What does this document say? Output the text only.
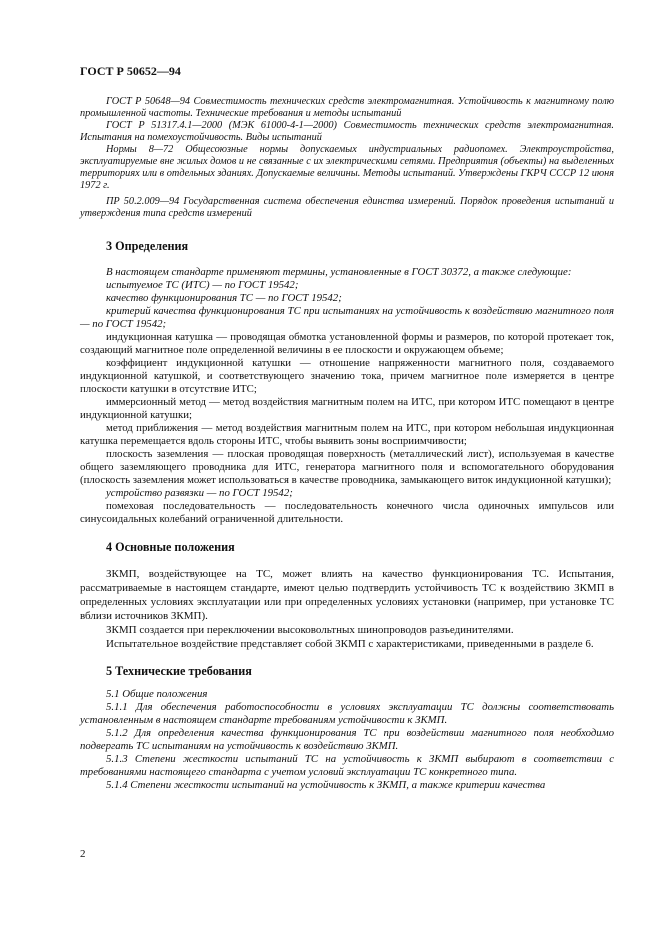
ГОСТ Р 50652—94

ГОСТ Р 50648—94 Совместимость технических средств электромагнитная. Устойчивость к магнитному полю промышленной частоты. Технические требования и методы испытаний

ГОСТ Р 51317.4.1—2000 (МЭК 61000-4-1—2000) Совместимость технических средств электромагнитная. Испытания на помехоустойчивость. Виды испытаний

Нормы 8—72 Общесоюзные нормы допускаемых индустриальных радиопомех. Электроустройства, эксплуатируемые вне жилых домов и не связанные с их электрическими сетями. Предприятия (объекты) на выделенных территориях или в отдельных зданиях. Допускаемые величины. Методы испытаний. Утверждены ГКРЧ СССР 12 июня 1972 г.

ПР 50.2.009—94 Государственная система обеспечения единства измерений. Порядок проведения испытаний и утверждения типа средств измерений

3 Определения

В настоящем стандарте применяют термины, установленные в ГОСТ 30372, а также следующие:

испытуемое ТС (ИТС) — по ГОСТ 19542;

качество функционирования ТС — по ГОСТ 19542;

критерий качества функционирования ТС при испытаниях на устойчивость к воздействию магнитного поля — по ГОСТ 19542;

индукционная катушка — проводящая обмотка установленной формы и размеров, по которой протекает ток, создающий магнитное поле определенной величины в ее плоскости и окружающем объеме;

коэффициент индукционной катушки — отношение напряженности магнитного поля, создаваемого индукционной катушкой, и соответствующего значению тока, причем магнитное поле измеряется в центре плоскости катушки в отсутствие ИТС;

иммерсионный метод — метод воздействия магнитным полем на ИТС, при котором ИТС помещают в центре индукционной катушки;

метод приближения — метод воздействия магнитным полем на ИТС, при котором небольшая индукционная катушка перемещается вдоль стороны ИТС, чтобы выявить зоны восприимчивости;

плоскость заземления — плоская проводящая поверхность (металлический лист), используемая в качестве общего заземляющего проводника для ИТС, генератора магнитного поля и вспомогательного оборудования (плоскость заземления может использоваться в качестве проводника, замыкающего виток индукционной катушки);

устройство развязки — по ГОСТ 19542;

помеховая последовательность — последовательность конечного числа одиночных импульсов или синусоидальных колебаний ограниченной длительности.

4 Основные положения

ЗКМП, воздействующее на ТС, может влиять на качество функционирования ТС. Испытания, рассматриваемые в настоящем стандарте, имеют целью подтвердить устойчивость ТС к воздействию ЗКМП в определенных условиях эксплуатации или при определенных условиях установки (например, при установке ТС вблизи источников ЗКМП).

ЗКМП создается при переключении высоковольтных шинопроводов разъединителями.

Испытательное воздействие представляет собой ЗКМП с характеристиками, приведенными в разделе 6.

5 Технические требования

5.1 Общие положения

5.1.1 Для обеспечения работоспособности в условиях эксплуатации ТС должны соответствовать установленным в настоящем стандарте требованиям устойчивости к ЗКМП.

5.1.2 Для определения качества функционирования ТС при воздействии магнитного поля необходимо подвергать ТС испытаниям на устойчивость к воздействию ЗКМП.

5.1.3 Степени жесткости испытаний ТС на устойчивость к ЗКМП выбирают в соответствии с требованиями настоящего стандарта с учетом условий эксплуатации ТС конкретного типа.

5.1.4 Степени жесткости испытаний на устойчивость к ЗКМП, а также критерии качества

2
